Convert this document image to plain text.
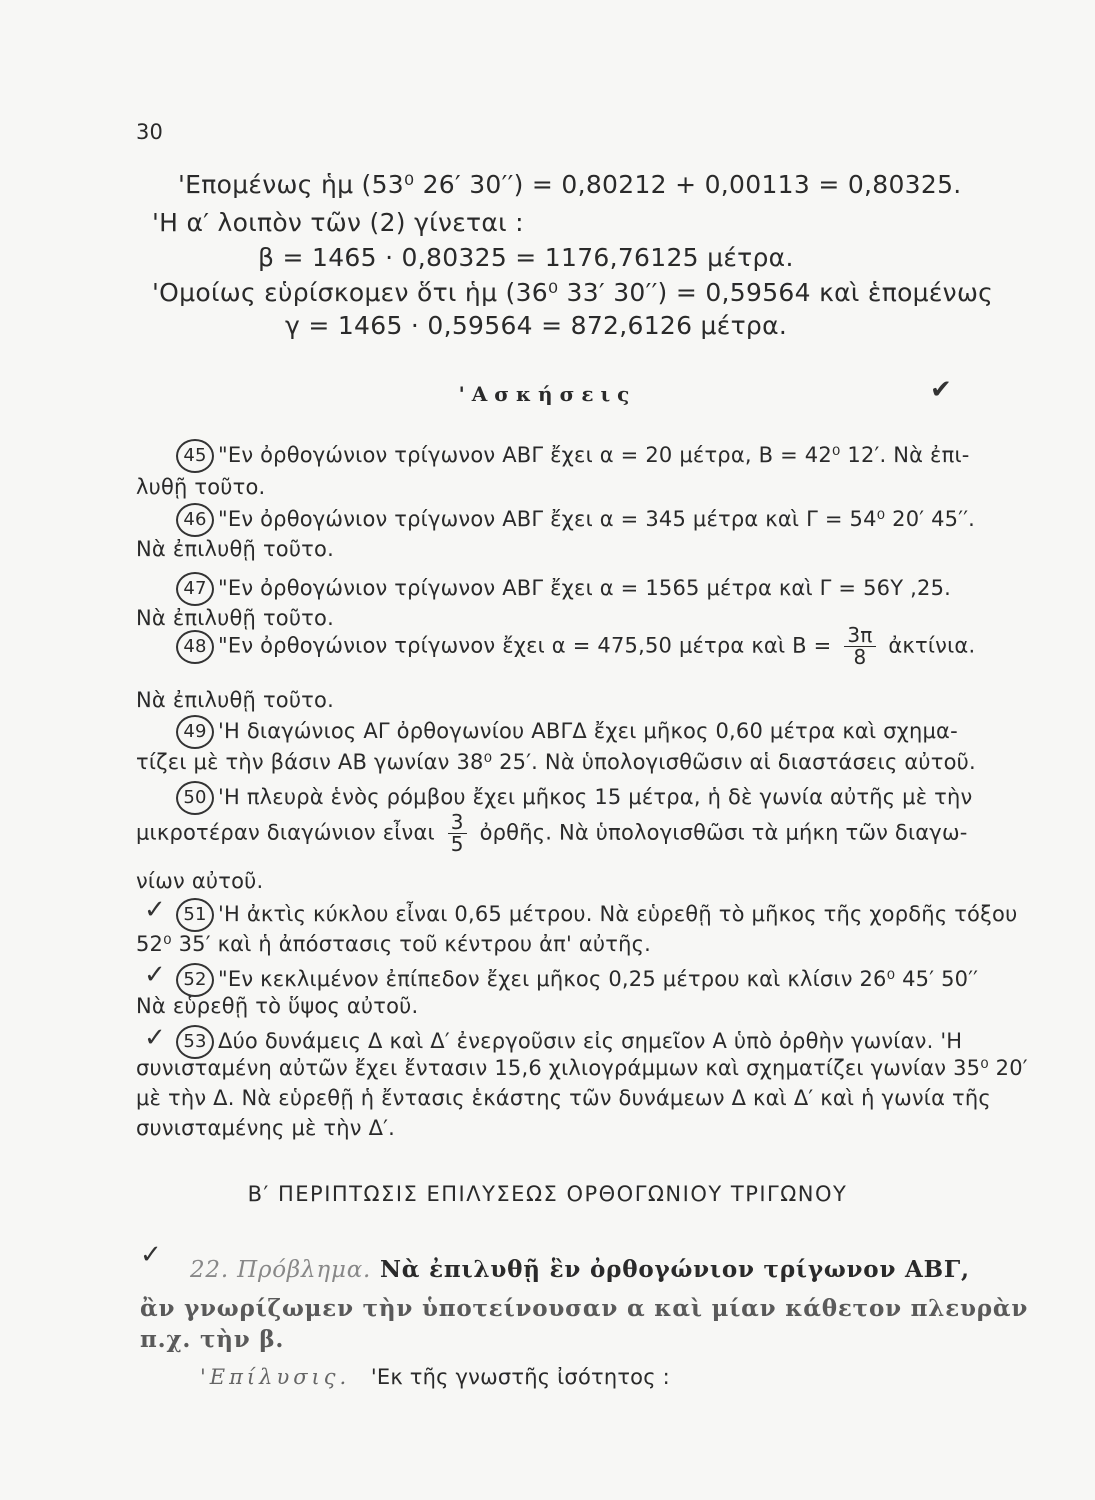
30
'Επομένως ἡμ (53⁰ 26′ 30′′) = 0,80212 + 0,00113 = 0,80325.
'Η α′ λοιπὸν τῶν (2) γίνεται :
β = 1465 · 0,80325 = 1176,76125 μέτρα.
'Ομοίως εὑρίσκομεν ὅτι ἡμ (36⁰ 33′ 30′′) = 0,59564 καὶ ἑπομένως
γ = 1465 · 0,59564 = 872,6126 μέτρα.
'Ασκήσεις	✔
45 "Εν ὀρθογώνιον τρίγωνον ΑΒΓ ἔχει α = 20 μέτρα, Β = 42⁰ 12′. Νὰ ἐπι-
λυθῇ τοῦτο.
46 "Εν ὀρθογώνιον τρίγωνον ΑΒΓ ἔχει α = 345 μέτρα καὶ Γ = 54⁰ 20′ 45′′.
Νὰ ἐπιλυθῇ τοῦτο.
47 "Εν ὀρθογώνιον τρίγωνον ΑΒΓ ἔχει α = 1565 μέτρα καὶ Γ = 56Υ ,25.
Νὰ ἐπιλυθῇ τοῦτο.
48 "Εν ὀρθογώνιον τρίγωνον ἔχει α = 475,50 μέτρα καὶ $B = \frac{3\pi}{8}$ ἀκτίνια.
Νὰ ἐπιλυθῇ τοῦτο.
49 'Η διαγώνιος ΑΓ ὀρθογωνίου ΑΒΓΔ ἔχει μῆκος 0,60 μέτρα καὶ σχημα-
τίζει μὲ τὴν βάσιν ΑΒ γωνίαν 38⁰ 25′. Νὰ ὑπολογισθῶσιν αἱ διαστάσεις αὐτοῦ.
50 'Η πλευρὰ ἑνὸς ρόμβου ἔχει μῆκος 15 μέτρα, ἡ δὲ γωνία αὐτῆς μὲ τὴν
μικροτέραν διαγώνιον εἶναι $\frac{3}{5}$ ὀρθῆς. Νὰ ὑπολογισθῶσι τὰ μήκη τῶν διαγω-
νίων αὐτοῦ.
✓ 51 'Η ἀκτὶς κύκλου εἶναι 0,65 μέτρου. Νὰ εὑρεθῇ τὸ μῆκος τῆς χορδῆς τόξου
52⁰ 35′ καὶ ἡ ἀπόστασις τοῦ κέντρου ἀπ' αὐτῆς.
✓ 52 "Εν κεκλιμένον ἐπίπεδον ἔχει μῆκος 0,25 μέτρου καὶ κλίσιν 26⁰ 45′ 50′′
Νὰ εὑρεθῇ τὸ ὕψος αὐτοῦ.
✓ 53 Δύο δυνάμεις Δ καὶ Δ′ ἐνεργοῦσιν εἰς σημεῖον Α ὑπὸ ὀρθὴν γωνίαν. 'Η
συνισταμένη αὐτῶν ἔχει ἔντασιν 15,6 χιλιογράμμων καὶ σχηματίζει γωνίαν 35⁰ 20′
μὲ τὴν Δ. Νὰ εὑρεθῇ ἡ ἔντασις ἑκάστης τῶν δυνάμεων Δ καὶ Δ′ καὶ ἡ γωνία τῆς
συνισταμένης μὲ τὴν Δ′.
Β′ ΠΕΡΙΠΤΩΣΙΣ ΕΠΙΛΥΣΕΩΣ ΟΡΘΟΓΩΝΙΟΥ ΤΡΙΓΩΝΟΥ
✓ 22. Πρόβλημα. Νὰ ἐπιλυθῇ ἓν ὀρθογώνιον τρίγωνον ΑΒΓ,
ἂν γνωρίζωμεν τὴν ὑποτείνουσαν α καὶ μίαν κάθετον πλευρὰν
π.χ. τὴν β.
'Επίλυσις. 'Εκ τῆς γνωστῆς ἰσότητος :
